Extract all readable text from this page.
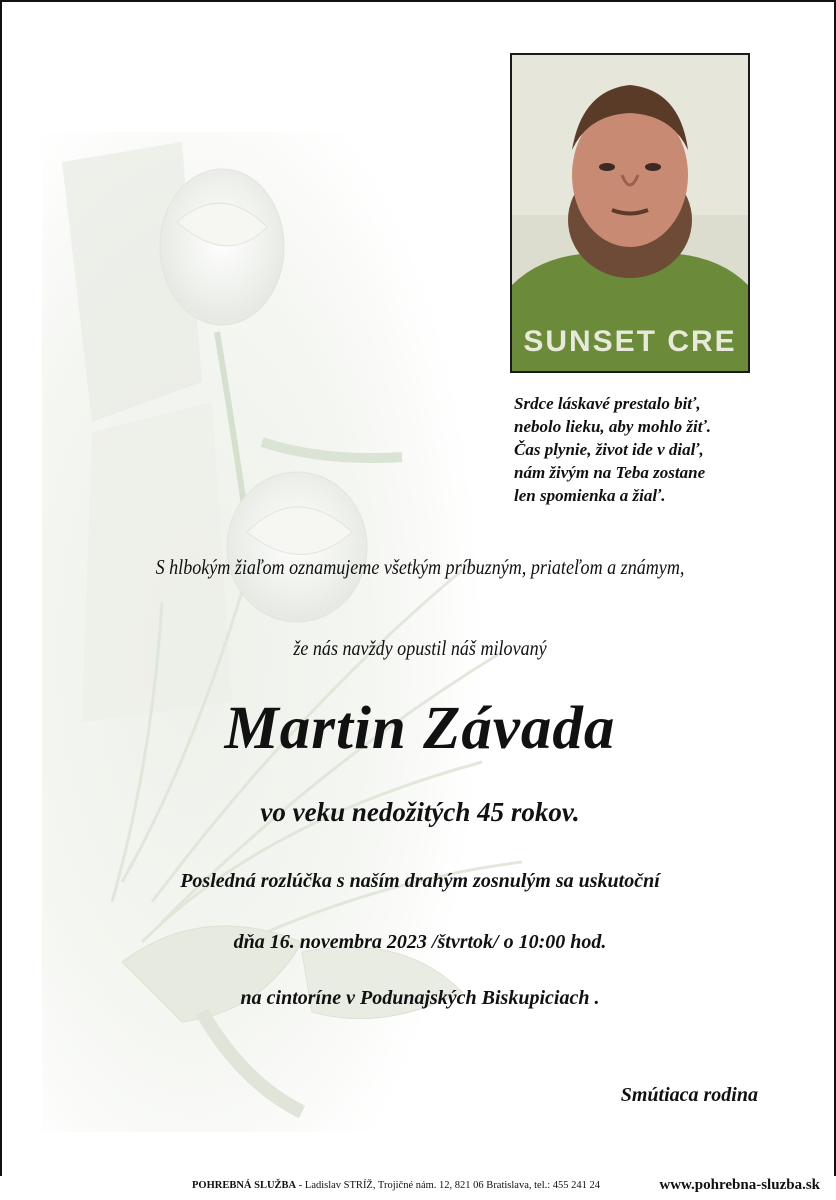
SUNSET CRE
Srdce láskavé prestalo biť,
nebolo lieku, aby mohlo žiť.
Čas plynie, život ide v diaľ,
nám živým na Teba zostane
len spomienka a žiaľ.
S hlbokým žiaľom oznamujeme všetkým príbuzným, priateľom a známym,
že nás navždy opustil náš milovaný
Martin Závada
vo veku nedožitých 45 rokov.
Posledná rozlúčka s naším drahým zosnulým sa uskutoční
dňa 16. novembra 2023 /štvrtok/ o 10:00 hod.
na cintoríne v Podunajských Biskupiciach .
Smútiaca rodina
POHREBNÁ SLUŽBA - Ladislav STRÍŽ, Trojičné nám. 12, 821 06 Bratislava, tel.: 455 241 24	www.pohrebna-sluzba.sk
